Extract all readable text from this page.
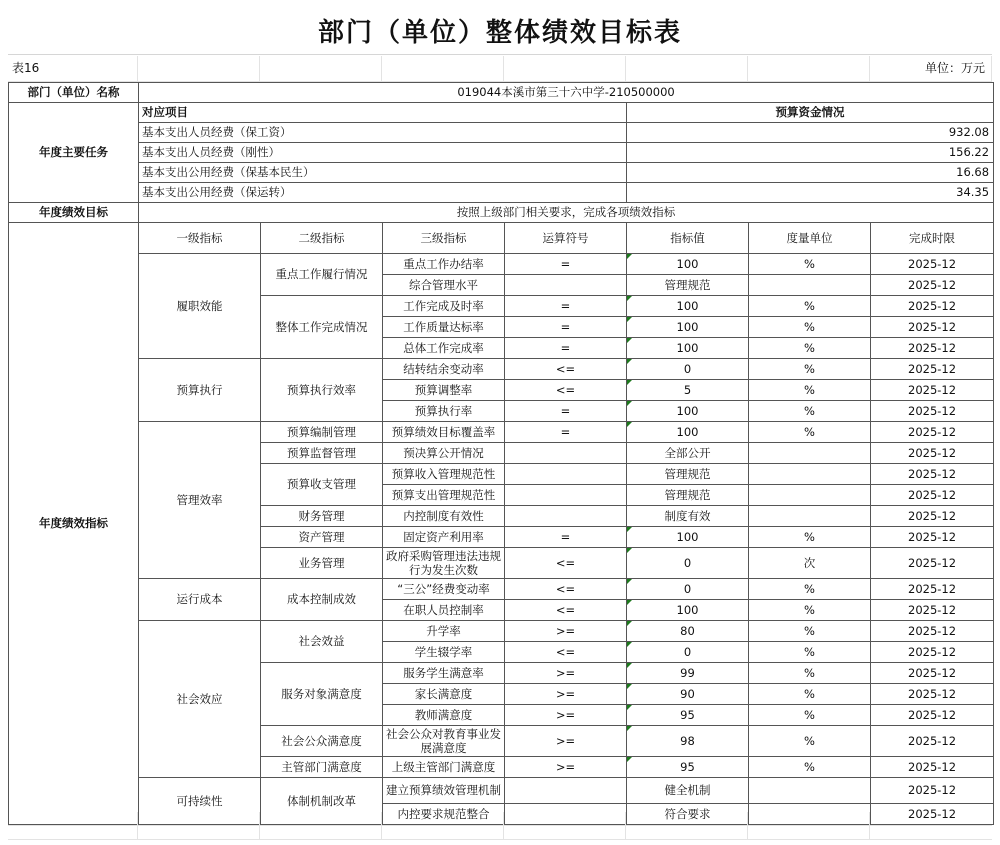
部门（单位）整体绩效目标表
表16	单位：万元
部门（单位）名称	019044本溪市第三十六中学-210500000						
年度主要任务	对应项目				预算资金情况		
	基本支出人员经费（保工资）				932.08		
	基本支出人员经费（刚性）				156.22		
	基本支出公用经费（保基本民生）				16.68		
	基本支出公用经费（保运转）				34.35		
年度绩效目标	按照上级部门相关要求，完成各项绩效指标						
年度绩效指标	一级指标	二级指标	三级指标	运算符号	指标值	度量单位	完成时限
	履职效能	重点工作履行情况	重点工作办结率	=	100	%	2025-12
			综合管理水平		管理规范		2025-12
		整体工作完成情况	工作完成及时率	=	100	%	2025-12
			工作质量达标率	=	100	%	2025-12
			总体工作完成率	=	100	%	2025-12
	预算执行	预算执行效率	结转结余变动率	<=	0	%	2025-12
			预算调整率	<=	5	%	2025-12
			预算执行率	=	100	%	2025-12
	管理效率	预算编制管理	预算绩效目标覆盖率	=	100	%	2025-12
		预算监督管理	预决算公开情况		全部公开		2025-12
		预算收支管理	预算收入管理规范性		管理规范		2025-12
			预算支出管理规范性		管理规范		2025-12
		财务管理	内控制度有效性		制度有效		2025-12
		资产管理	固定资产利用率	=	100	%	2025-12
		业务管理	政府采购管理违法违规行为发生次数	<=	0	次	2025-12
	运行成本	成本控制成效	“三公”经费变动率	<=	0	%	2025-12
			在职人员控制率	<=	100	%	2025-12
	社会效应	社会效益	升学率	>=	80	%	2025-12
			学生辍学率	<=	0	%	2025-12
		服务对象满意度	服务学生满意率	>=	99	%	2025-12
			家长满意度	>=	90	%	2025-12
			教师满意度	>=	95	%	2025-12
		社会公众满意度	社会公众对教育事业发展满意度	>=	98	%	2025-12
		主管部门满意度	上级主管部门满意度	>=	95	%	2025-12
	可持续性	体制机制改革	建立预算绩效管理机制		健全机制		2025-12
			内控要求规范整合		符合要求		2025-12
